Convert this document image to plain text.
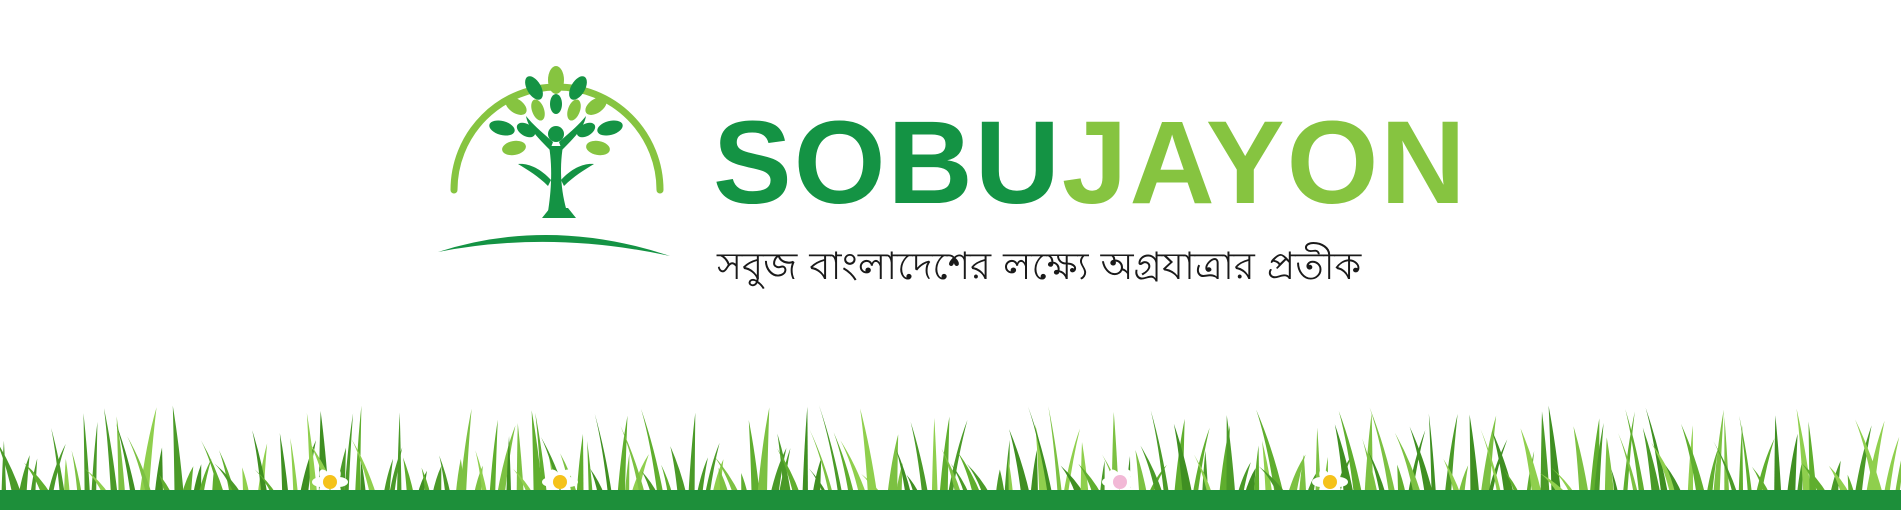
SOBUJAYON
সবুজ বাংলাদেশের লক্ষ্যে অগ্রযাত্রার প্রতীক
